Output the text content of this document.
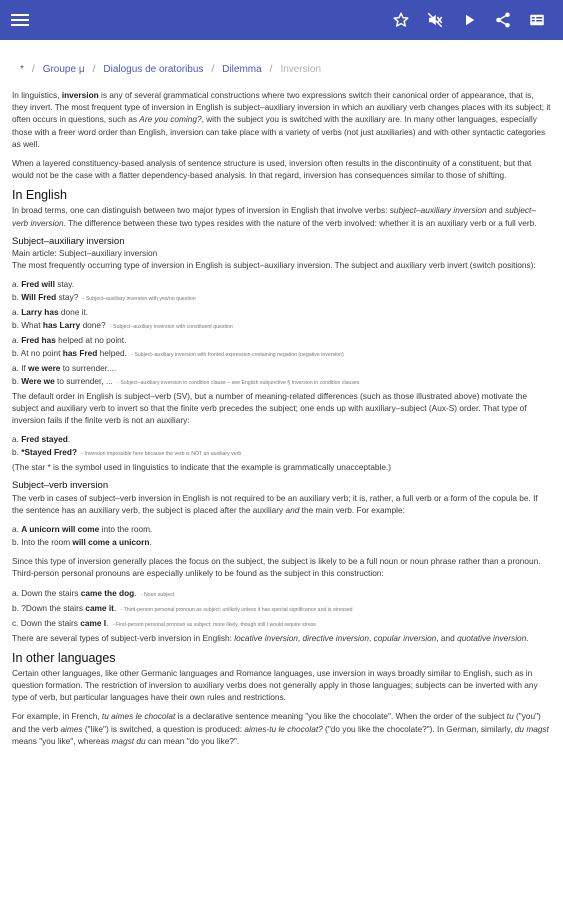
* / Groupe μ / Dialogus de oratoribus / Dilemma / Inversion

In linguistics, inversion is any of several grammatical constructions where two expressions switch their canonical order of appearance, that is, they invert. The most frequent type of inversion in English is subject–auxiliary inversion in which an auxiliary verb changes places with its subject; it often occurs in questions, such as Are you coming?, with the subject you is switched with the auxiliary are. In many other languages, especially those with a freer word order than English, inversion can take place with a variety of verbs (not just auxiliaries) and with other syntactic categories as well.

When a layered constituency-based analysis of sentence structure is used, inversion often results in the discontinuity of a constituent, but that would not be the case with a flatter dependency-based analysis. In that regard, inversion has consequences similar to those of shifting.

In English

In broad terms, one can distinguish between two major types of inversion in English that involve verbs: subject–auxiliary inversion and subject–verb inversion. The difference between these two types resides with the nature of the verb involved: whether it is an auxiliary verb or a full verb.

Subject–auxiliary inversion
Main article: Subject–auxiliary inversion

The most frequently occurring type of inversion in English is subject–auxiliary inversion. The subject and auxiliary verb invert (switch positions):

a. Fred will stay.
b. Will Fred stay? - Subject–auxiliary inversion with yes/no question
a. Larry has done it.
b. What has Larry done? - Subject–auxiliary inversion with constituent question
a. Fred has helped at no point.
b. At no point has Fred helped. - Subject–auxiliary inversion with fronted expression containing negation (negative inversion)
a. If we were to surrender....
b. Were we to surrender, ... - Subject–auxiliary inversion in condition clause – see English subjunctive § Inversion in condition clauses

The default order in English is subject–verb (SV), but a number of meaning-related differences (such as those illustrated above) motivate the subject and auxiliary verb to invert so that the finite verb precedes the subject; one ends up with auxiliary–subject (Aux-S) order. That type of inversion fails if the finite verb is not an auxiliary:

a. Fred stayed.
b. *Stayed Fred? - Inversion impossible here because the verb is NOT an auxiliary verb

(The star * is the symbol used in linguistics to indicate that the example is grammatically unacceptable.)

Subject–verb inversion

The verb in cases of subject–verb inversion in English is not required to be an auxiliary verb; it is, rather, a full verb or a form of the copula be. If the sentence has an auxiliary verb, the subject is placed after the auxiliary and the main verb. For example:

a. A unicorn will come into the room.
b. Into the room will come a unicorn.

Since this type of inversion generally places the focus on the subject, the subject is likely to be a full noun or noun phrase rather than a pronoun. Third-person personal pronouns are especially unlikely to be found as the subject in this construction:

a. Down the stairs came the dog. - Noun subject
b. ?Down the stairs came it. - Third-person personal pronoun as subject; unlikely unless it has special significance and is stressed
c. Down the stairs came I. - First-person personal pronoun as subject; more likely, though still I would require stress

There are several types of subject-verb inversion in English: locative inversion, directive inversion, copular inversion, and quotative inversion.

In other languages

Certain other languages, like other Germanic languages and Romance languages, use inversion in ways broadly similar to English, such as in question formation. The restriction of inversion to auxiliary verbs does not generally apply in those languages; subjects can be inverted with any type of verb, but particular languages have their own rules and restrictions.

For example, in French, tu aimes le chocolat is a declarative sentence meaning "you like the chocolate". When the order of the subject tu ("you") and the verb aimes ("like") is switched, a question is produced: aimes-tu le chocolat? ("do you like the chocolate?"). In German, similarly, du magst means "you like", whereas magst du can mean "do you like?".
